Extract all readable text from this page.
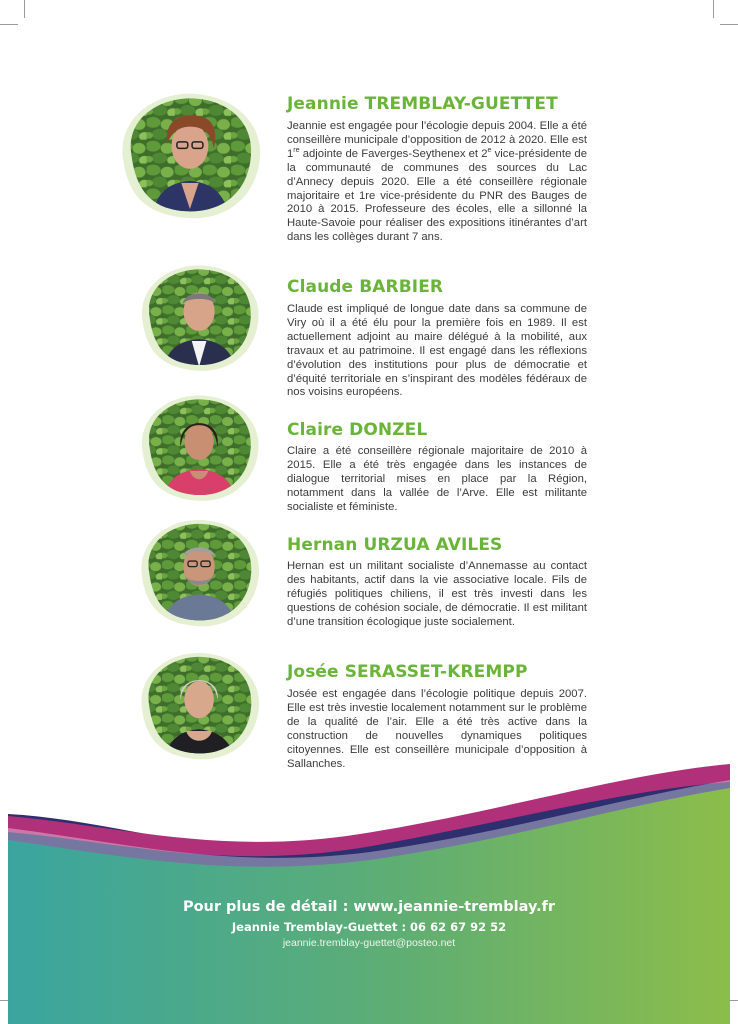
Jeannie TREMBLAY-GUETTET

Jeannie est engagée pour l’écologie depuis 2004. Elle a été conseillère municipale d’opposition de 2012 à 2020. Elle est 1re adjointe de Faverges-Seythenex et 2e vice-présidente de la communauté de communes des sources du Lac d’Annecy depuis 2020. Elle a été conseillère régionale majoritaire et 1re vice-présidente du PNR des Bauges de 2010 à 2015. Professeure des écoles, elle a sillonné la Haute-Savoie pour réaliser des expositions itinérantes d’art dans les collèges durant 7 ans.

Claude BARBIER

Claude est impliqué de longue date dans sa commune de Viry où il a été élu pour la première fois en 1989. Il est actuellement adjoint au maire délégué à la mobilité, aux travaux et au patrimoine. Il est engagé dans les réflexions d’évolution des institutions pour plus de démocratie et d’équité territoriale en s’inspirant des modèles fédéraux de nos voisins européens.

Claire DONZEL

Claire a été conseillère régionale majoritaire de 2010 à 2015. Elle a été très engagée dans les instances de dialogue territorial mises en place par la Région, notamment dans la vallée de l’Arve. Elle est militante socialiste et féministe.

Hernan URZUA AVILES

Hernan est un militant socialiste d’Annemasse au contact des habitants, actif dans la vie associative locale. Fils de réfugiés politiques chiliens, il est très investi dans les questions de cohésion sociale, de démocratie. Il est militant d’une transition écologique juste socialement.

Josée SERASSET-KREMPP

Josée est engagée dans l’écologie politique depuis 2007. Elle est très investie localement notamment sur le problème de la qualité de l’air. Elle a été très active dans la construction de nouvelles dynamiques politiques citoyennes. Elle est conseillère municipale d’opposition à Sallanches.

Pour plus de détail : www.jeannie-tremblay.fr

Jeannie Tremblay-Guettet : 06 62 67 92 52

jeannie.tremblay-guettet@posteo.net
